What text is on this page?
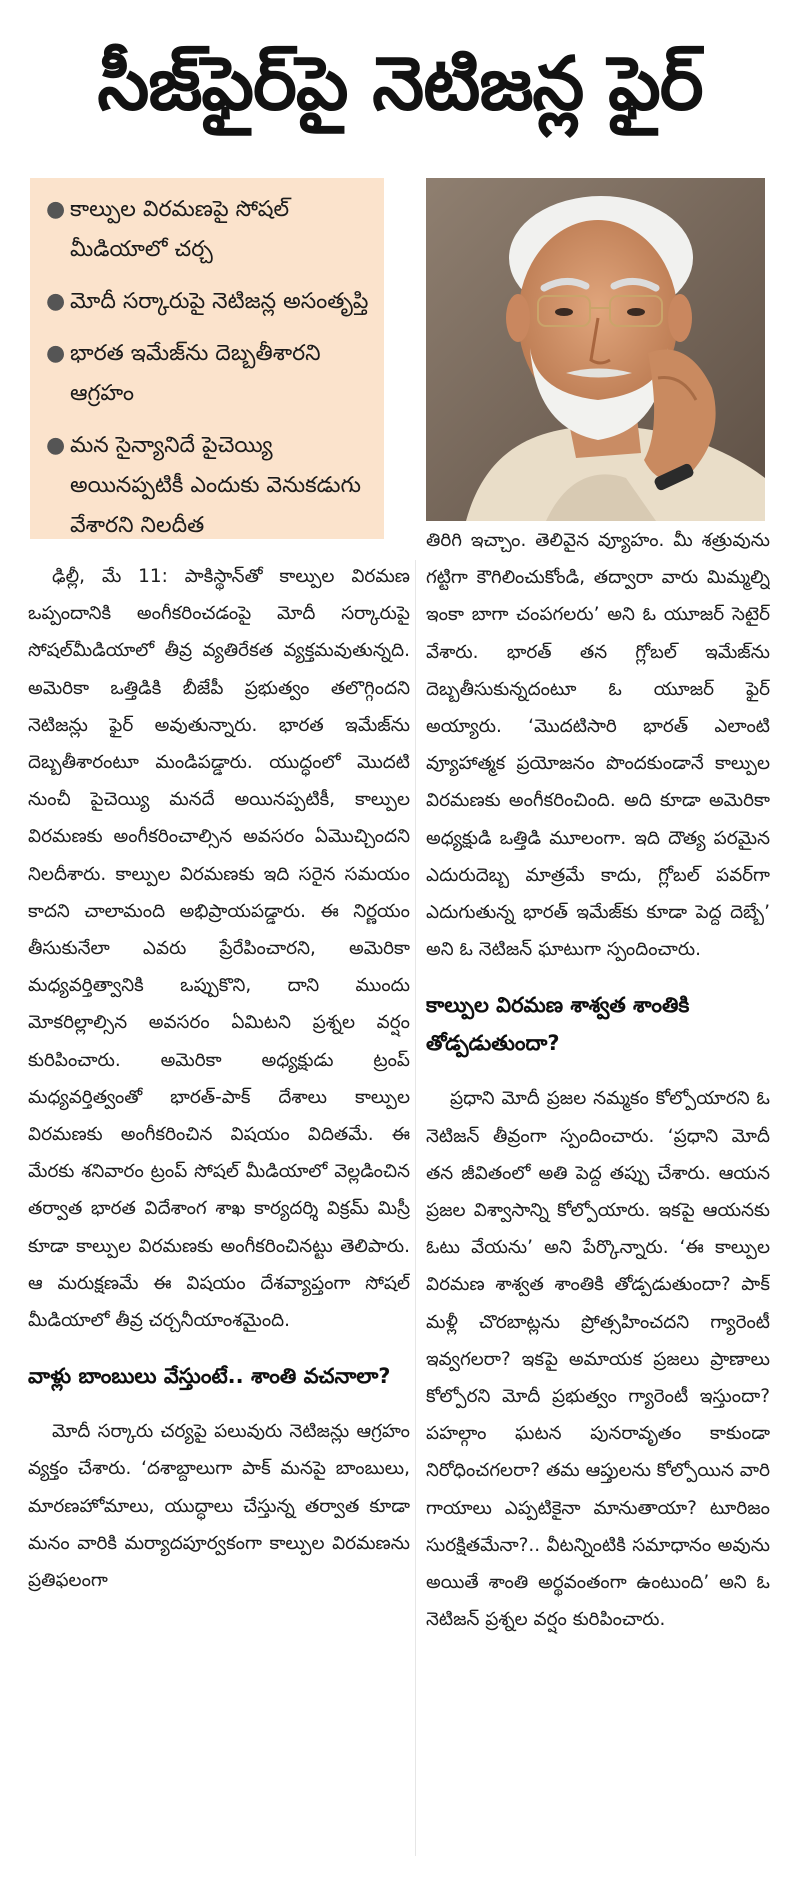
సీజ్‌ఫైర్‌పై నెటిజన్ల ఫైర్
● కాల్పుల విరమణపై సోషల్ మీడియాలో చర్చ
● మోదీ సర్కారుపై నెటిజన్ల అసంతృప్తి
● భారత ఇమేజ్‌ను దెబ్బతీశారని ఆగ్రహం
● మన సైన్యానిదే పైచెయ్యి అయినప్పటికీ ఎందుకు వెనుకడుగు వేశారని నిలదీత

ఢిల్లీ, మే 11: పాకిస్థాన్‌తో కాల్పుల విరమణ ఒప్పందానికి అంగీకరించడంపై మోదీ సర్కారుపై సోషల్‌మీడియాలో తీవ్ర వ్యతిరేకత వ్యక్తమవుతున్నది. అమెరికా ఒత్తిడికి బీజేపీ ప్రభుత్వం తలొగ్గిందని నెటిజన్లు ఫైర్ అవుతున్నారు. భారత ఇమేజ్‌ను దెబ్బతీశారంటూ మండిపడ్డారు. యుద్ధంలో మొదటి నుంచీ పైచెయ్యి మనదే అయినప్పటికీ, కాల్పుల విరమణకు అంగీకరించాల్సిన అవసరం ఏమొచ్చిందని నిలదీశారు. కాల్పుల విరమణకు ఇది సరైన సమయం కాదని చాలామంది అభిప్రాయపడ్డారు. ఈ నిర్ణయం తీసుకునేలా ఎవరు ప్రేరేపించారని, అమెరికా మధ్యవర్తిత్వానికి ఒప్పుకొని, దాని ముందు మోకరిల్లాల్సిన అవసరం ఏమిటని ప్రశ్నల వర్షం కురిపించారు. అమెరికా అధ్యక్షుడు ట్రంప్ మధ్యవర్తిత్వంతో భారత్-పాక్ దేశాలు కాల్పుల విరమణకు అంగీకరించిన విషయం విదితమే. ఈ మేరకు శనివారం ట్రంప్ సోషల్ మీడియాలో వెల్లడించిన తర్వాత భారత విదేశాంగ శాఖ కార్యదర్శి విక్రమ్ మిస్రీ కూడా కాల్పుల విరమణకు అంగీకరించినట్టు తెలిపారు. ఆ మరుక్షణమే ఈ విషయం దేశవ్యాప్తంగా సోషల్ మీడియాలో తీవ్ర చర్చనీయాంశమైంది.

వాళ్లు బాంబులు వేస్తుంటే.. శాంతి వచనాలా?

మోదీ సర్కారు చర్యపై పలువురు నెటిజన్లు ఆగ్రహం వ్యక్తం చేశారు. ‘దశాబ్దాలుగా పాక్ మనపై బాంబులు, మారణహోమాలు, యుద్ధాలు చేస్తున్న తర్వాత కూడా మనం వారికి మర్యాదపూర్వకంగా కాల్పుల విరమణను ప్రతిఫలంగా

తిరిగి ఇచ్చాం. తెలివైన వ్యూహం. మీ శత్రువును గట్టిగా కౌగిలించుకోండి, తద్వారా వారు మిమ్మల్ని ఇంకా బాగా చంపగలరు’ అని ఓ యూజర్ సెటైర్ వేశారు. భారత్ తన గ్లోబల్ ఇమేజ్‌ను దెబ్బతీసుకున్నదంటూ ఓ యూజర్ ఫైర్ అయ్యారు. ‘మొదటిసారి భారత్ ఎలాంటి వ్యూహాత్మక ప్రయోజనం పొందకుండానే కాల్పుల విరమణకు అంగీకరించింది. అది కూడా అమెరికా అధ్యక్షుడి ఒత్తిడి మూలంగా. ఇది దౌత్య పరమైన ఎదురుదెబ్బ మాత్రమే కాదు, గ్లోబల్ పవర్‌గా ఎదుగుతున్న భారత్ ఇమేజ్‌కు కూడా పెద్ద దెబ్బే’ అని ఓ నెటిజన్ ఘాటుగా స్పందించారు.

కాల్పుల విరమణ శాశ్వత శాంతికి తోడ్పడుతుందా?

ప్రధాని మోదీ ప్రజల నమ్మకం కోల్పోయారని ఓ నెటిజన్ తీవ్రంగా స్పందించారు. ‘ప్రధాని మోదీ తన జీవితంలో అతి పెద్ద తప్పు చేశారు. ఆయన ప్రజల విశ్వాసాన్ని కోల్పోయారు. ఇకపై ఆయనకు ఓటు వేయను’ అని పేర్కొన్నారు. ‘ఈ కాల్పుల విరమణ శాశ్వత శాంతికి తోడ్పడుతుందా? పాక్ మళ్లీ చొరబాట్లను ప్రోత్సహించదని గ్యారెంటీ ఇవ్వగలరా? ఇకపై అమాయక ప్రజలు ప్రాణాలు కోల్పోరని మోదీ ప్రభుత్వం గ్యారెంటీ ఇస్తుందా? పహల్గాం ఘటన పునరావృతం కాకుండా నిరోధించగలరా? తమ ఆప్తులను కోల్పోయిన వారి గాయాలు ఎప్పటికైనా మానుతాయా? టూరిజం సురక్షితమేనా?.. వీటన్నింటికి సమాధానం అవును అయితే శాంతి అర్థవంతంగా ఉంటుంది’ అని ఓ నెటిజన్ ప్రశ్నల వర్షం కురిపించారు.
